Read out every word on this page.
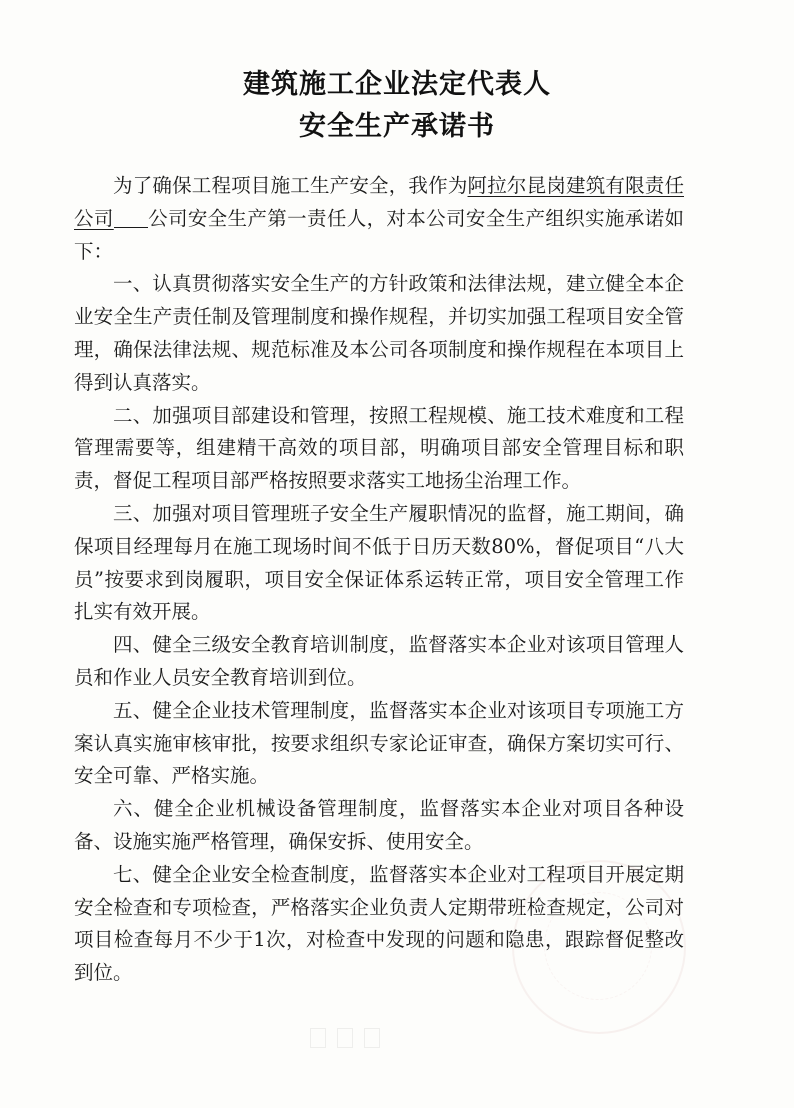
建筑施工企业法定代表人
安全生产承诺书

为了确保工程项目施工生产安全，我作为阿拉尔昆岗建筑有限责任公司 公司安全生产第一责任人，对本公司安全生产组织实施承诺如下：

一、认真贯彻落实安全生产的方针政策和法律法规，建立健全本企业安全生产责任制及管理制度和操作规程，并切实加强工程项目安全管理，确保法律法规、规范标准及本公司各项制度和操作规程在本项目上得到认真落实。

二、加强项目部建设和管理，按照工程规模、施工技术难度和工程管理需要等，组建精干高效的项目部，明确项目部安全管理目标和职责，督促工程项目部严格按照要求落实工地扬尘治理工作。

三、加强对项目管理班子安全生产履职情况的监督，施工期间，确保项目经理每月在施工现场时间不低于日历天数80%，督促项目“八大员”按要求到岗履职，项目安全保证体系运转正常，项目安全管理工作扎实有效开展。

四、健全三级安全教育培训制度，监督落实本企业对该项目管理人员和作业人员安全教育培训到位。

五、健全企业技术管理制度，监督落实本企业对该项目专项施工方案认真实施审核审批，按要求组织专家论证审查，确保方案切实可行、安全可靠、严格实施。

六、健全企业机械设备管理制度，监督落实本企业对项目各种设备、设施实施严格管理，确保安拆、使用安全。

七、健全企业安全检查制度，监督落实本企业对工程项目开展定期安全检查和专项检查，严格落实企业负责人定期带班检查规定，公司对项目检查每月不少于1次，对检查中发现的问题和隐患，跟踪督促整改到位。
